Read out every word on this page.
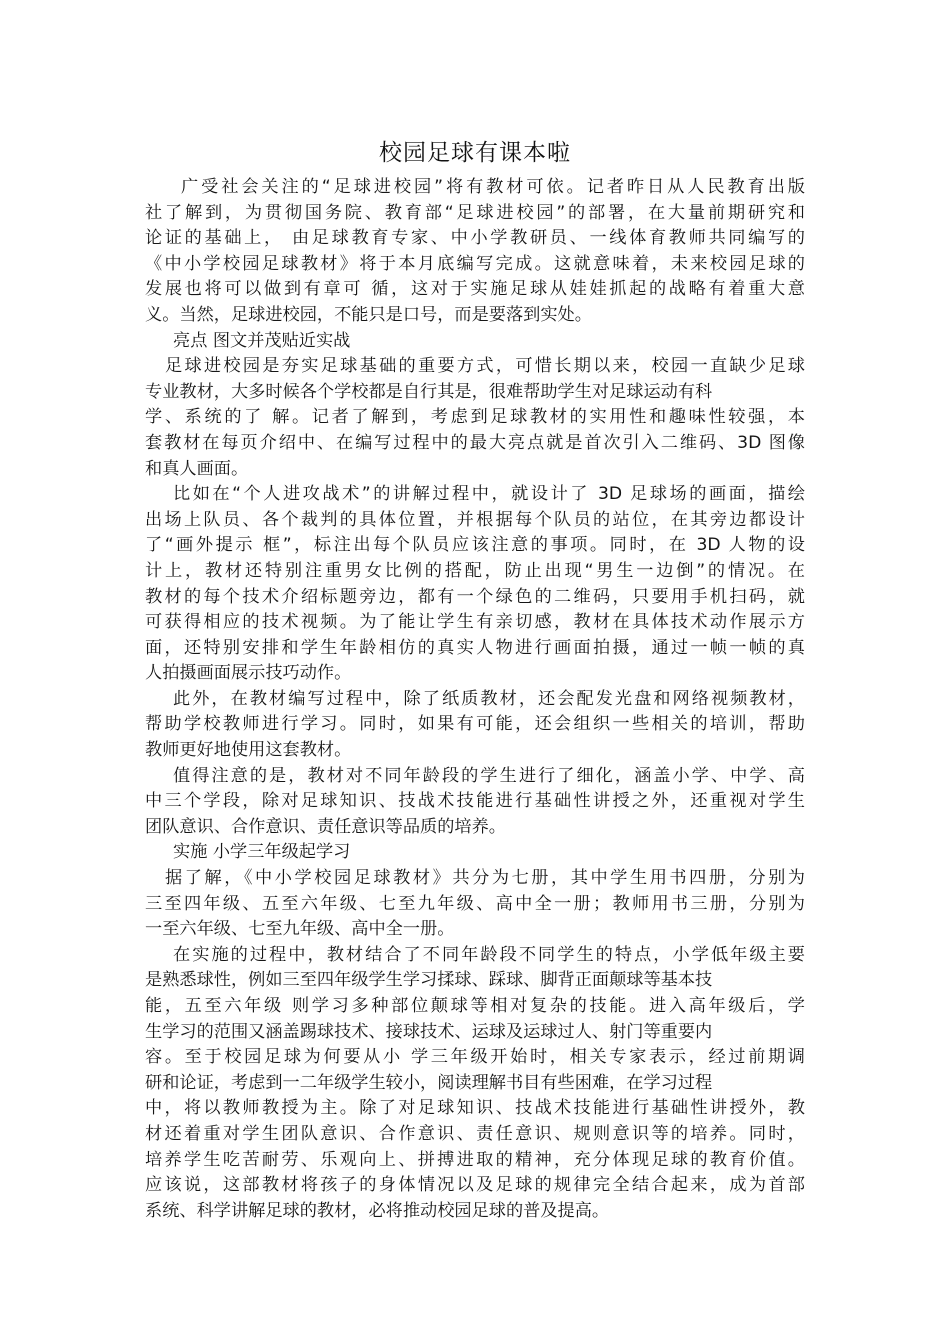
校园足球有课本啦
广受社会关注的“足球进校园”将有教材可依。记者昨日从人民教育出版
社了解到，为贯彻国务院、教育部“足球进校园”的部署，在大量前期研究和
论证的基础上， 由足球教育专家、中小学教研员、一线体育教师共同编写的
《中小学校园足球教材》将于本月底编写完成。这就意味着，未来校园足球的
发展也将可以做到有章可 循，这对于实施足球从娃娃抓起的战略有着重大意
义。当然，足球进校园，不能只是口号，而是要落到实处。
亮点 图文并茂贴近实战
足球进校园是夯实足球基础的重要方式，可惜长期以来，校园一直缺少足球
专业教材，大多时候各个学校都是自行其是，很难帮助学生对足球运动有科
学、系统的了 解。记者了解到，考虑到足球教材的实用性和趣味性较强，本
套教材在每页介绍中、在编写过程中的最大亮点就是首次引入二维码、3D 图像
和真人画面。
比如在“个人进攻战术”的讲解过程中，就设计了 3D 足球场的画面，描绘
出场上队员、各个裁判的具体位置，并根据每个队员的站位，在其旁边都设计
了“画外提示 框”，标注出每个队员应该注意的事项。同时，在 3D 人物的设
计上，教材还特别注重男女比例的搭配，防止出现“男生一边倒”的情况。在
教材的每个技术介绍标题旁边，都有一个绿色的二维码，只要用手机扫码，就
可获得相应的技术视频。为了能让学生有亲切感，教材在具体技术动作展示方
面，还特别安排和学生年龄相仿的真实人物进行画面拍摄，通过一帧一帧的真
人拍摄画面展示技巧动作。
此外，在教材编写过程中，除了纸质教材，还会配发光盘和网络视频教材，
帮助学校教师进行学习。同时，如果有可能，还会组织一些相关的培训，帮助
教师更好地使用这套教材。
值得注意的是，教材对不同年龄段的学生进行了细化，涵盖小学、中学、高
中三个学段，除对足球知识、技战术技能进行基础性讲授之外，还重视对学生
团队意识、合作意识、责任意识等品质的培养。
实施 小学三年级起学习
据了解，《中小学校园足球教材》共分为七册，其中学生用书四册，分别为
三至四年级、五至六年级、七至九年级、高中全一册；教师用书三册，分别为
一至六年级、七至九年级、高中全一册。
在实施的过程中，教材结合了不同年龄段不同学生的特点，小学低年级主要
是熟悉球性，例如三至四年级学生学习揉球、踩球、脚背正面颠球等基本技
能，五至六年级 则学习多种部位颠球等相对复杂的技能。进入高年级后，学
生学习的范围又涵盖踢球技术、接球技术、运球及运球过人、射门等重要内
容。至于校园足球为何要从小 学三年级开始时，相关专家表示，经过前期调
研和论证，考虑到一二年级学生较小，阅读理解书目有些困难，在学习过程
中，将以教师教授为主。除了对足球知识、技战术技能进行基础性讲授外，教
材还着重对学生团队意识、合作意识、责任意识、规则意识等的培养。同时，
培养学生吃苦耐劳、乐观向上、拼搏进取的精神，充分体现足球的教育价值。
应该说，这部教材将孩子的身体情况以及足球的规律完全结合起来，成为首部
系统、科学讲解足球的教材，必将推动校园足球的普及提高。
